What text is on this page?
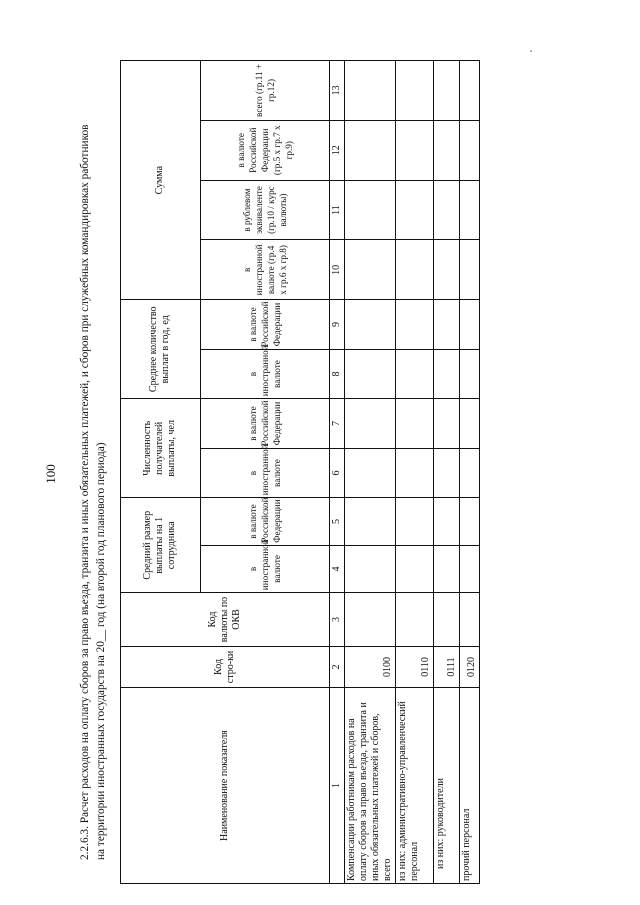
100 2.2.6.3. Расчет расходов на оплату сборов за право въезда, транзита и иных обязательных платежей, и сборов при служебных командировках работников на территории иностранных государств на 20__ год (на второй год планового периода)	Наименование показателя	Код стро-ки	Код валюты по ОКВ	Средний размер выплаты на 1 сотрудника		Численность получателей выплаты, чел		Среднее количество выплат в год, ед		Сумма			
			в иностранной валюте	в валюте Российской Федерации	в иностранной валюте	в валюте Российской Федерации	в иностранной валюте	в валюте Российской Федерации	в иностранной валюте (гр.4 х гр.6 х гр.8)	в рублевом эквиваленте (гр.10 / курс валюты)	в валюте Российской Федерации (гр.5 х гр.7 х гр.9)	всего (гр.11 + гр.12)
1	2	3	4	5	6	7	8	9	10	11	12	13
Компенсации работникам расходов на оплату сборов за право въезда, транзита и иных обязательных платежей и сборов, всего	0100											
из них: административно-управленческий персонал	0110											
из них: руководители	0111											
прочий персонал	0120											
